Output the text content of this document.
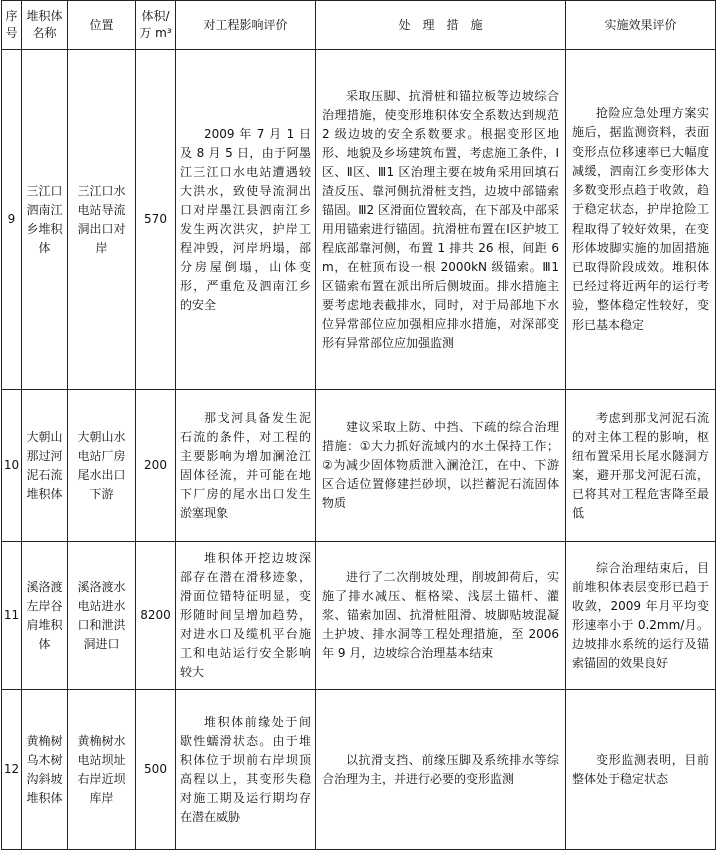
序号	堆积体名称	位置	体积/万 m³	对工程影响评价	处　理　措　施	实施效果评价
9	三江口泗南江乡堆积体	三江口水电站导流洞出口对岸	570	2009 年 7 月 1 日及 8 月 5 日，由于阿墨江三江口水电站遭遇较大洪水，致使导流洞出口对岸墨江县泗南江乡发生两次洪灾，护岸工程冲毁，河岸坍塌，部分房屋倒塌，山体变形，严重危及泗南江乡的安全	采取压脚、抗滑桩和锚拉板等边坡综合治理措施，使变形堆积体安全系数达到规范 2 级边坡的安全系数要求。根据变形区地形、地貌及乡场建筑布置，考虑施工条件，Ⅰ区、Ⅱ区、Ⅲ1 区治理主要在坡角采用回填石渣反压、靠河侧抗滑桩支挡，边坡中部锚索锚固。Ⅲ2 区滑面位置较高，在下部及中部采用用锚索进行锚固。抗滑桩布置在Ⅰ区护坡工程底部靠河侧，布置 1 排共 26 根，间距 6m，在桩顶布设一根 2000kN 级锚索。Ⅲ1 区锚索布置在派出所后侧坡面。排水措施主要考虑地表截排水，同时，对于局部地下水位异常部位应加强相应排水措施，对深部变形有异常部位应加强监测	抢险应急处理方案实施后，据监测资料，表面变形点位移速率已大幅度减缓，泗南江乡变形体大多数变形点趋于收敛，趋于稳定状态，护岸抢险工程取得了较好效果，在变形体坡脚实施的加固措施已取得阶段成效。堆积体已经过将近两年的运行考验，整体稳定性较好，变形已基本稳定
10	大朝山那过河泥石流堆积体	大朝山水电站厂房尾水出口下游	200	那戈河具备发生泥石流的条件，对工程的主要影响为增加澜沧江固体径流，并可能在地下厂房的尾水出口发生淤塞现象	建议采取上防、中挡、下疏的综合治理措施：①大力抓好流域内的水土保持工作；②为减少固体物质泄入澜沧江，在中、下游区合适位置修建拦砂坝，以拦蓄泥石流固体物质	考虑到那戈河泥石流的对主体工程的影响，枢纽布置采用长尾水隧洞方案，避开那戈河泥石流，已将其对工程危害降至最低
11	溪洛渡左岸谷肩堆积体	溪洛渡水电站进水口和泄洪洞进口	8200	堆积体开挖边坡深部存在潜在滑移迹象，滑面位错特征明显，变形随时间呈增加趋势，对进水口及缆机平台施工和电站运行安全影响较大	进行了二次削坡处理，削坡卸荷后，实施了排水减压、框格梁、浅层土锚杆、灌浆、锚索加固、抗滑桩阻滑、坡脚贴坡混凝土护坡、排水洞等工程处理措施，至 2006 年 9 月，边坡综合治理基本结束	综合治理结束后，目前堆积体表层变形已趋于收敛，2009 年月平均变形速率小于 0.2mm/月。边坡排水系统的运行及锚索锚固的效果良好
12	黄桷树乌木树沟斜坡堆积体	黄桷树水电站坝址右岸近坝库岸	500	堆积体前缘处于间歇性蠕滑状态。由于堆积体位于坝前右岸坝顶高程以上，其变形失稳对施工期及运行期均存在潜在威胁	以抗滑支挡、前缘压脚及系统排水等综合治理为主，并进行必要的变形监测	变形监测表明，目前整体处于稳定状态
